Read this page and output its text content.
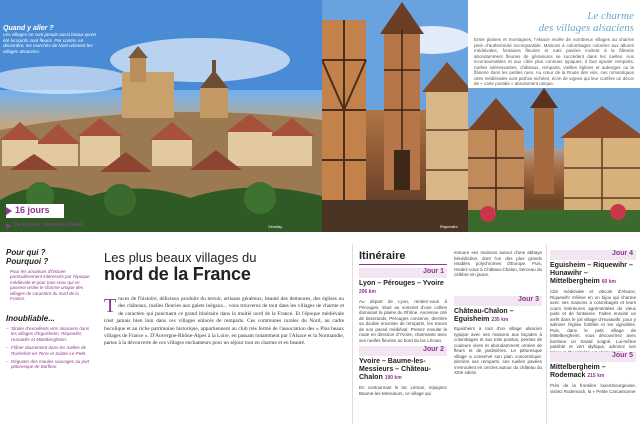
Quand y aller ?
Les villages ne sont jamais aussi beaux qu'en été lorsqu'ils sont fleuris. Par contre, en décembre, les marchés de Noël animent les villages alsaciens.
Vézelay	Riquewihr
Le charme
des villages alsaciens
Entre plaines et montagnes, l'Alsace recèle de nombreux villages au charme plein d'authenticité incomparable. Maisons à colombages colorées aux atlures médiévales, fontaines fleuries et rues pavées invitent à la flânerie abondamment fleuries de géraniums se succèdent dans les ruelles. Aux incontournables et aux cités plus connues typiques, il faut ajouter remparts, ruelles intéressantes, châteaux, remparts, vieilles églises et auberges ou la flânerie dans les petites rues. Au cœur de la Route des vins, ces romantiques cités médiévales sont parfois nichées, écrin de vignes qui leur confère un décor de « carte postale » absolument unique.
16 jours
De Lyon à Vévre-le-Châtel
Pour qui ?
Pourquoi ?
Pour les amateurs d'histoire particulièrement intéressés par l'époque médiévale et pour tous ceux qui se passent visiter le charme unique des villages de caractère du nord de la France.
Inoubliable...
– Stroler d'excellents vins alsaciens dans les villages d'Eguisheim, Riquewihr, Hunawihr et Mittelbergheim.
– Flâner doucement dans les ruelles de Rochefort-en-Terre et Sainte-Le-Poët.
– Déguster des moules sauvages au port pittoresque de Barfleur.
Les plus beaux villages du
nord de la France
T races de l'histoire, délicieux produits du terroir, artisans généreux, beauté des demeures, des églises ou des châteaux, ruelles fleuries aux galets inégaux... vous trouverez de tout dans les villages de charme et de caractère qui ponctuent ce grand itinéraire dans la moitié nord de la France. Et l'époque médiévale n'est jamais bien loin dans ces villages enlacés de remparts. Ces communes rurales du Nord, au cadre bucolique et au riche patrimoine historique, appartiennent au club très fermé de l'association des « Plus beaux villages de France ». D'Auvergne-Rhône-Alpes à la Loire, en passant notamment par l'Alsace et la Normandie, partez à la découverte de ces villages enchanteurs pour un séjour tout en charme et en beauté.
Itinéraire
Jour 1
Lyon – Pérouges – Yvoire 206 km
Au départ de Lyon, rendez-vous à Pérouges, situé au sommet d'une colline dominant la plaine du Rhône. Ancienne cité de tisserands, Pérouges conserve, derrière sa double enceinte de remparts, les traces de son passé médiéval. Prenez ensuite la route en direction d'Yvoire, charmante avec ses ruelles fleuries au bord du lac Léman.
Jour 2
Yvoire – Baume-les-Messieurs – Château-Chalon 190 km
En contournant le lac Léman, rejoignez Baume-les-Messieurs, ce village qui
entoure ses maisons autour d'une abbaye bénédictine, dont l'un des plus grands retables polychromes d'Europe. Puis, rendez-vous à Château-Chalon, berceau du célèbre vin jaune.
Jour 3
Château-Chalon – Eguisheim 235 km
Eguisheim a tout d'un village alsacien typique avec ses maisons aux façades à colombages et aux toits pointus, peintes de couleurs vives et abondamment ornées de fleurs et de jardinières. Le pittoresque village a conservé son plan concentrique: derrière ses remparts, ses ruelles pavées s'enroulent en cercles autour du château du XIIIe siècle.
Jour 4
Eguisheim – Riquewihr – Hunawihr – Mittelbergheim 60 km
Cité médiévale et viticole d'Alsace, Riquewihr s'élève en un bijou qui charme avec ses maisons à colombages et leurs cours intérieures agrémentées de vieux puits et de fontaines. Faites ensuite un arrêt dans le joli village d'Hunawihr, pour y admirer l'église fortifiée et les vignobles. Puis, dans le petit village de Mittelbergheim, vous découvrirez avec bonheur un travail soigné. Lui-même paisible et vert idyllique, admirez son
Jour 5
Mittelbergheim – Rodemack 215 km
Près de la frontière luxembourgeoise, visitez Rodemack, la « Petite Carcassonne
